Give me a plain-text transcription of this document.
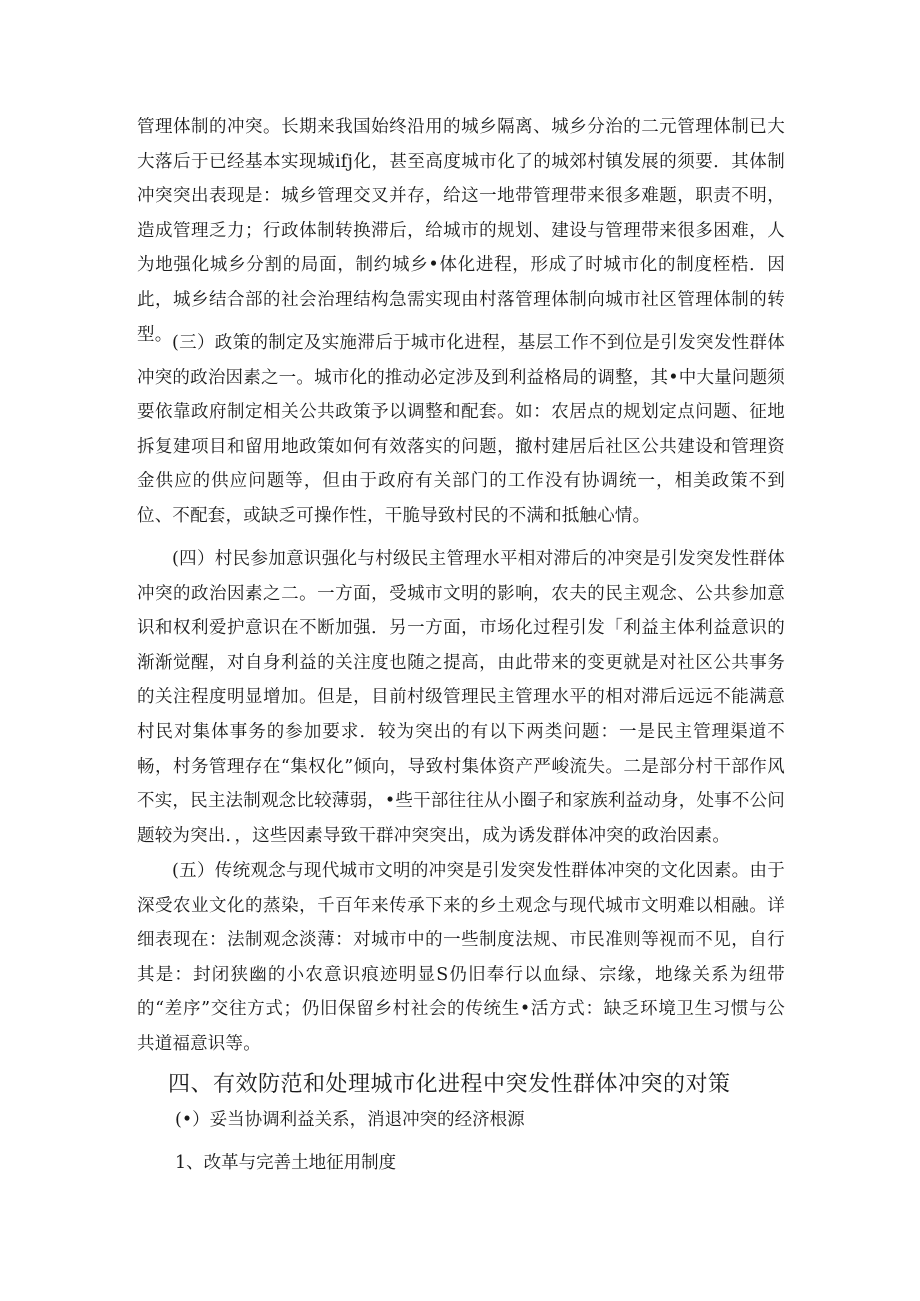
管理体制的冲突。长期来我国始终沿用的城乡隔离、城乡分治的二元管理体制已大大落后于已经基本实现城ifj化，甚至高度城市化了的城郊村镇发展的须要．其体制冲突突出表现是：城乡管理交叉并存，给这一地带管理带来很多难题，职责不明，造成管理乏力；行政体制转换滞后，给城市的规划、建设与管理带来很多困难，人为地强化城乡分割的局面，制约城乡•体化进程，形成了时城市化的制度桎梏．因此，城乡结合部的社会治理结构急需实现由村落管理体制向城市社区管理体制的转型。 (三）政策的制定及实施滞后于城市化进程，基层工作不到位是引发突发性群体冲突的政治因素之一。城市化的推动必定涉及到利益格局的调整，其•中大量问题须要依靠政府制定相关公共政策予以调整和配套。如：农居点的规划定点问题、征地拆复建项目和留用地政策如何有效落实的问题，撤村建居后社区公共建设和管理资金供应的供应问题等，但由于政府有关部门的工作没有协调统一，相美政策不到位、不配套，或缺乏可操作性，干脆导致村民的不满和抵触心情。

(四）村民参加意识强化与村级民主管理水平相对滞后的冲突是引发突发性群体冲突的政治因素之二。一方面，受城市文明的影响，农夫的民主观念、公共参加意识和权利爱护意识在不断加强．另一方面，市场化过程引发「利益主体利益意识的渐渐觉醒，对自身利益的关注度也随之提高，由此带来的变更就是对社区公共事务的关注程度明显增加。但是，目前村级管理民主管理水平的相对滞后远远不能满意村民对集体事务的参加要求．较为突出的有以下两类问题：一是民主管理渠道不畅，村务管理存在“集权化”倾向，导致村集体资产严峻流失。二是部分村干部作风不实，民主法制观念比较薄弱，•些干部往往从小圈子和家族利益动身，处事不公问题较为突出．，这些因素导致干群冲突突出，成为诱发群体冲突的政治因素。

(五）传统观念与现代城市文明的冲突是引发突发性群体冲突的文化因素。由于深受农业文化的蒸染，千百年来传承下来的乡土观念与现代城市文明难以相融。详细表现在：法制观念淡薄：对城市中的一些制度法规、市民准则等视而不见，自行其是：封闭狭幽的小农意识痕迹明显S仍旧奉行以血绿、宗缘，地缘关系为纽带的“差序”交往方式；仍旧保留乡村社会的传统生•活方式：缺乏环境卫生习惯与公共道福意识等。

四、有效防范和处理城市化进程中突发性群体冲突的对策

(•）妥当协调利益关系，消退冲突的经济根源

1、改革与完善土地征用制度
